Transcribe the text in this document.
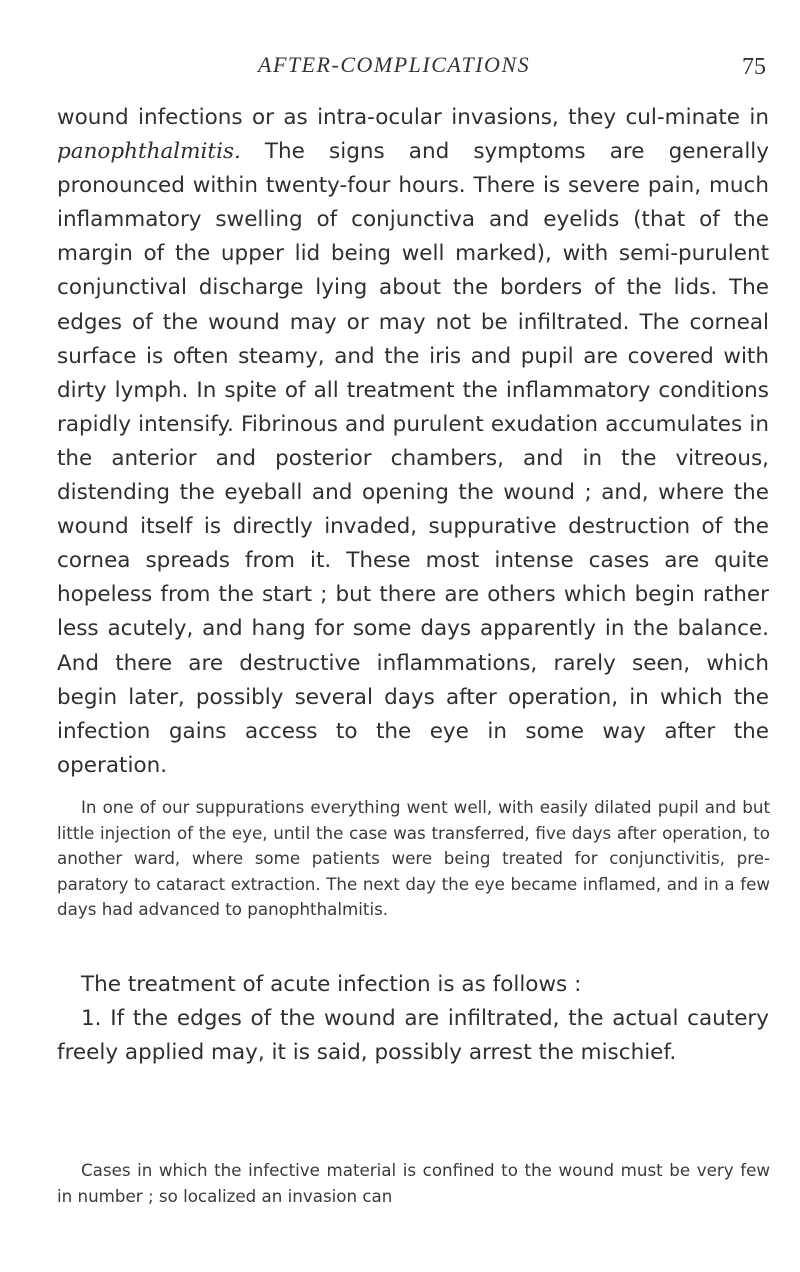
AFTER-COMPLICATIONS	75

wound infections or as intra-ocular invasions, they cul-minate in panophthalmitis. The signs and symptoms are generally pronounced within twenty-four hours. There is severe pain, much inflammatory swelling of conjunctiva and eyelids (that of the margin of the upper lid being well marked), with semi-purulent conjunctival discharge lying about the borders of the lids. The edges of the wound may or may not be infiltrated. The corneal surface is often steamy, and the iris and pupil are covered with dirty lymph. In spite of all treatment the inflammatory conditions rapidly intensify. Fibrinous and purulent exudation accumulates in the anterior and posterior chambers, and in the vitreous, distending the eyeball and opening the wound ; and, where the wound itself is directly invaded, suppurative destruction of the cornea spreads from it. These most intense cases are quite hopeless from the start ; but there are others which begin rather less acutely, and hang for some days apparently in the balance. And there are destructive inflammations, rarely seen, which begin later, possibly several days after operation, in which the infection gains access to the eye in some way after the operation.

In one of our suppurations everything went well, with easily dilated pupil and but little injection of the eye, until the case was transferred, five days after operation, to another ward, where some patients were being treated for conjunctivitis, pre-paratory to cataract extraction. The next day the eye became inflamed, and in a few days had advanced to panophthalmitis.

The treatment of acute infection is as follows :
1. If the edges of the wound are infiltrated, the actual cautery freely applied may, it is said, possibly arrest the mischief.

Cases in which the infective material is confined to the wound must be very few in number ; so localized an invasion can
